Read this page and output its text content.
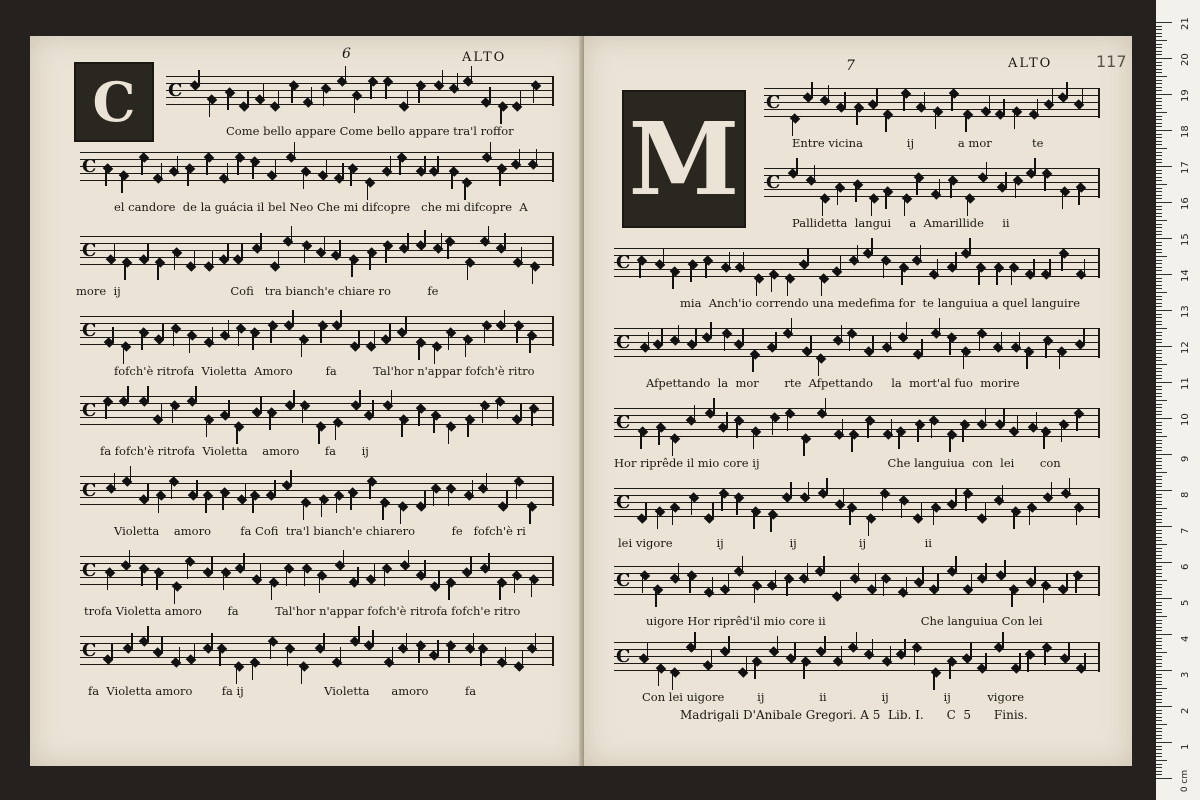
6	ALTO
C	C
Come bello appare Come bello appare tra'l roffor
C
el candore  de la guácia il bel Neo Che mi difcopre   che mi difcopre  A
C
more  ij                              Cofi   tra bianch'e chiare ro          fe
C
fofch'è ritrofa  Violetta  Amoro         fa          Tal'hor n'appar fofch'è ritro
C
fa fofch'è ritrofa  Violetta    amoro       fa       ij
C
Violetta    amoro        fa Cofi  tra'l bianch'e chiarero          fe   fofch'è ri
C
trofa Violetta amoro       fa          Tal'hor n'appar fofch'è ritrofa fofch'e ritro
C
fa  Violetta amoro        fa ij                      Violetta      amoro          fa
7	ALTO	117
M
Madrigali D'Anibale Gregori. A 5  Lib. I.      C  5      Finis.
C
Entre vicina            ij            a mor           te
C
Pallidetta  langui     a  Amarillide     ii
C
mia  Anch'io correndo una medefima for  te languiua a quel languire
C
Afpettando  la  mor       rte  Afpettando     la  mort'al fuo  morire
C
Hor riprêde il mio core ij                                   Che languiua  con  lei       con
C
lei vigore            ij                  ij                 ij                ii
C
uigore Hor riprêd'il mio core ii                          Che languiua Con lei
C
Con lei uigore         ij               ii               ij               ij          vigore
21
20
19
18
17
16
15
14
13
12
11
10
9
8
7
6
5
4
3
2
1
0 cm
